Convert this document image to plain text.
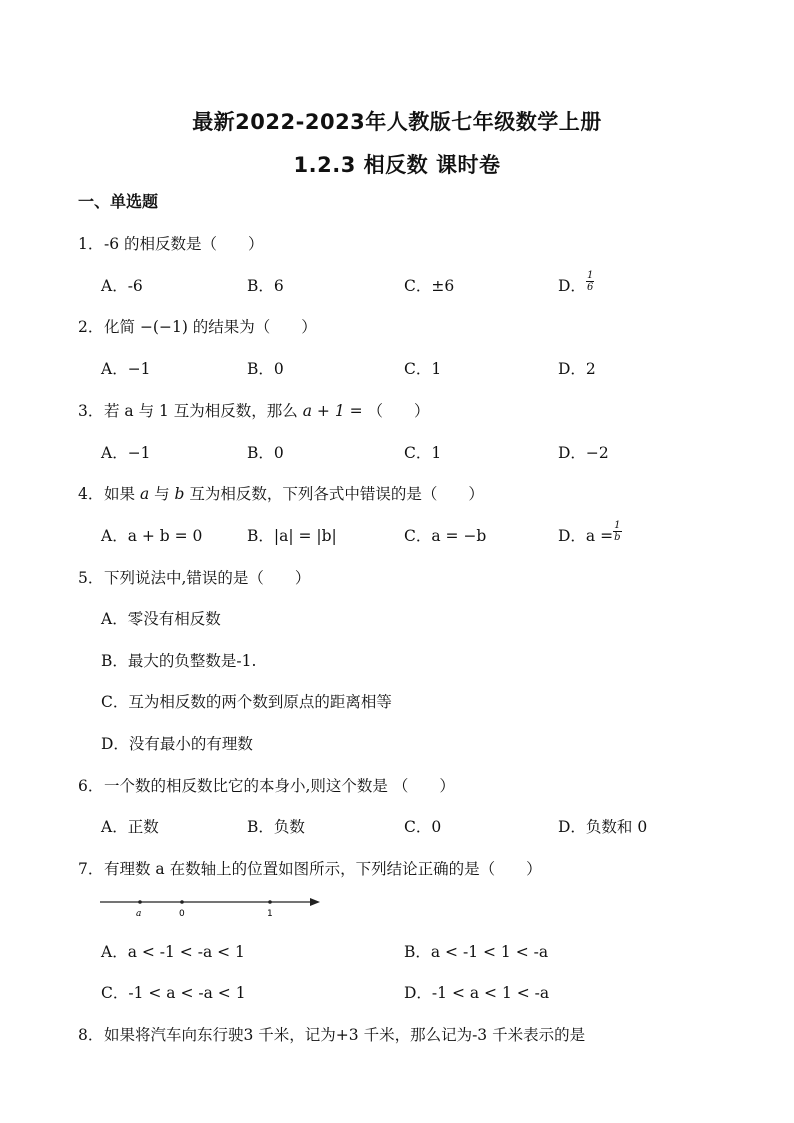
最新2022-2023年人教版七年级数学上册
1.2.3 相反数 课时卷
一、单选题
1．-6 的相反数是（　　）
A．-6	B．6	C．±6	D． $\frac{1}{6}$
2．化简 −(−1) 的结果为（　　）
A．−1	B．0	C．1	D．2
3．若 a 与 1 互为相反数，那么 a + 1 = （　　）
A．−1	B．0	C．1	D．−2
4．如果 a 与 b 互为相反数，下列各式中错误的是（　　）
A．a + b = 0	B．|a| = |b|	C．a = −b	D．$a = \frac{1}{b}$
5．下列说法中,错误的是（　　）
A．零没有相反数
B．最大的负整数是-1.
C．互为相反数的两个数到原点的距离相等
D．没有最小的有理数
6．一个数的相反数比它的本身小,则这个数是 （　　）
A．正数	B．负数	C．0	D．负数和 0
7．有理数 a 在数轴上的位置如图所示，下列结论正确的是（　　）
a	0	1
A．a < -1 < -a < 1	B．a < -1 < 1 < -a
C．-1 < a < -a < 1	D．-1 < a < 1 < -a
8．如果将汽车向东行驶3 千米，记为+3 千米，那么记为-3 千米表示的是
